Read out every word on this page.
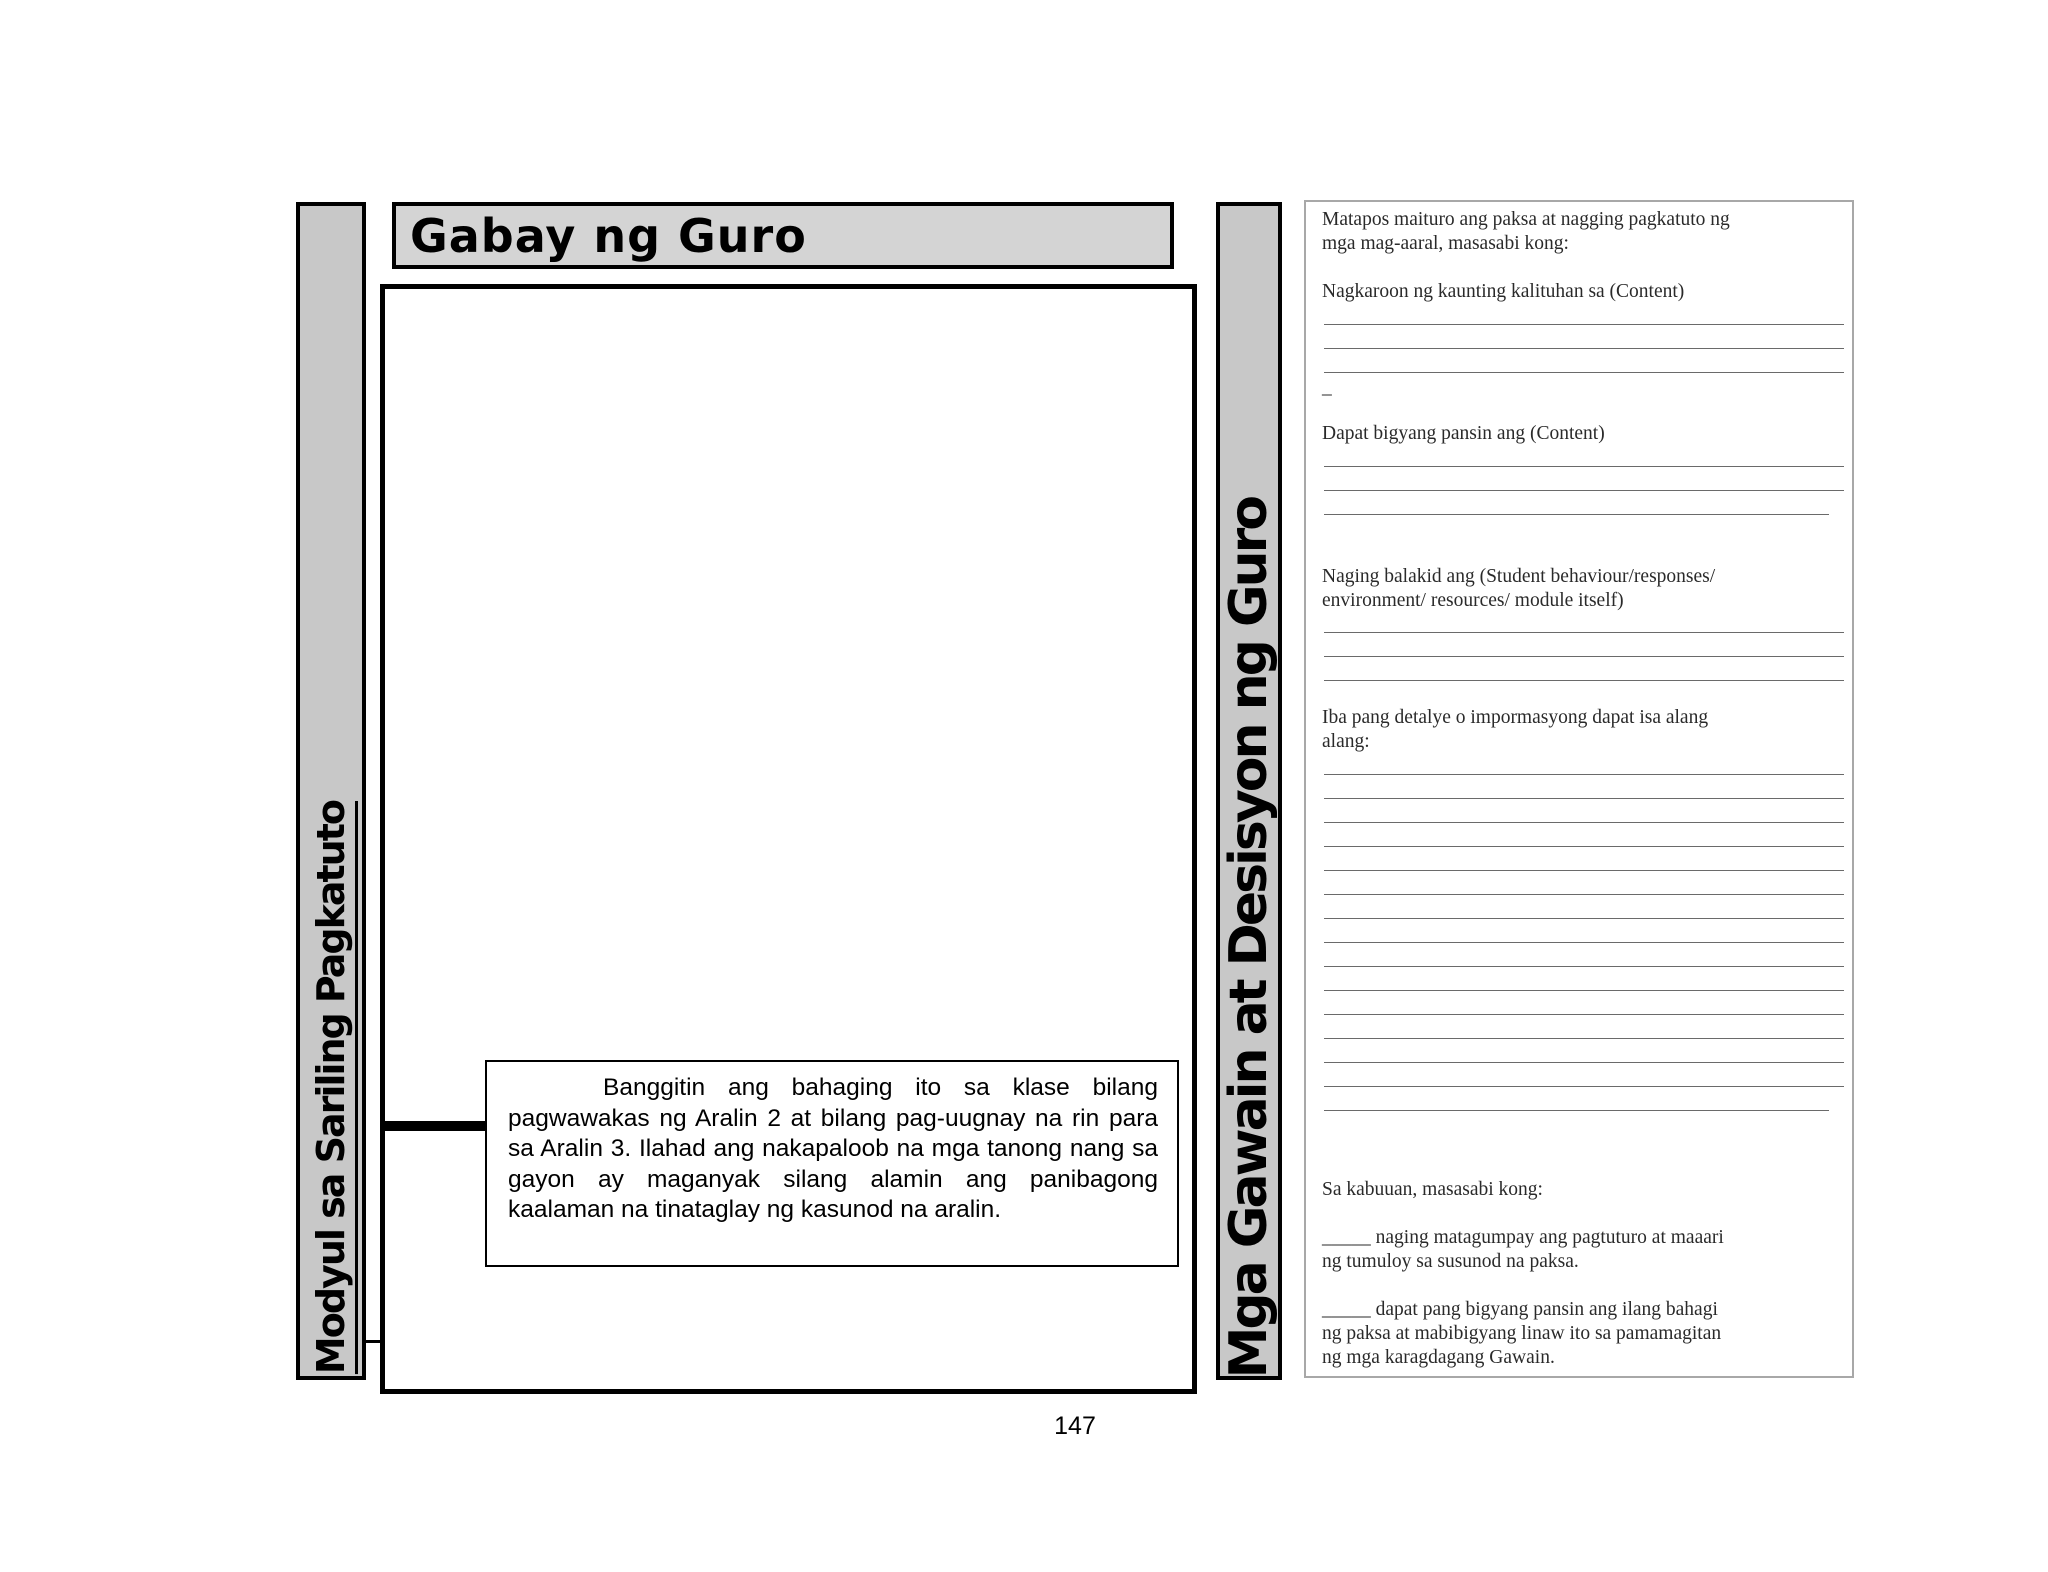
Modyul sa Sariling Pagkatuto
Gabay ng Guro

Banggitin ang bahaging ito sa klase bilang pagwawakas ng Aralin 2 at bilang pag-uugnay na rin para sa Aralin 3. Ilahad ang nakapaloob na mga tanong nang sa gayon ay maganyak silang alamin ang panibagong kaalaman na tinataglay ng kasunod na aralin.	Mga Gawain at Desisyon ng Guro
Matapos maituro ang paksa at nagging pagkatuto ng
mga mag-aaral, masasabi kong:
Nagkaroon ng kaunting kalituhan sa (Content)
_
Dapat bigyang pansin ang (Content)
Naging balakid ang (Student behaviour/responses/
environment/ resources/ module itself)
Iba pang detalye o impormasyong dapat isa alang
alang:
Sa kabuuan, masasabi kong:
_____ naging matagumpay ang pagtuturo at maaari
ng tumuloy sa susunod na paksa.
_____ dapat pang bigyang pansin ang ilang bahagi
ng paksa at mabibigyang linaw ito sa pamamagitan
ng mga karagdagang Gawain.
147
